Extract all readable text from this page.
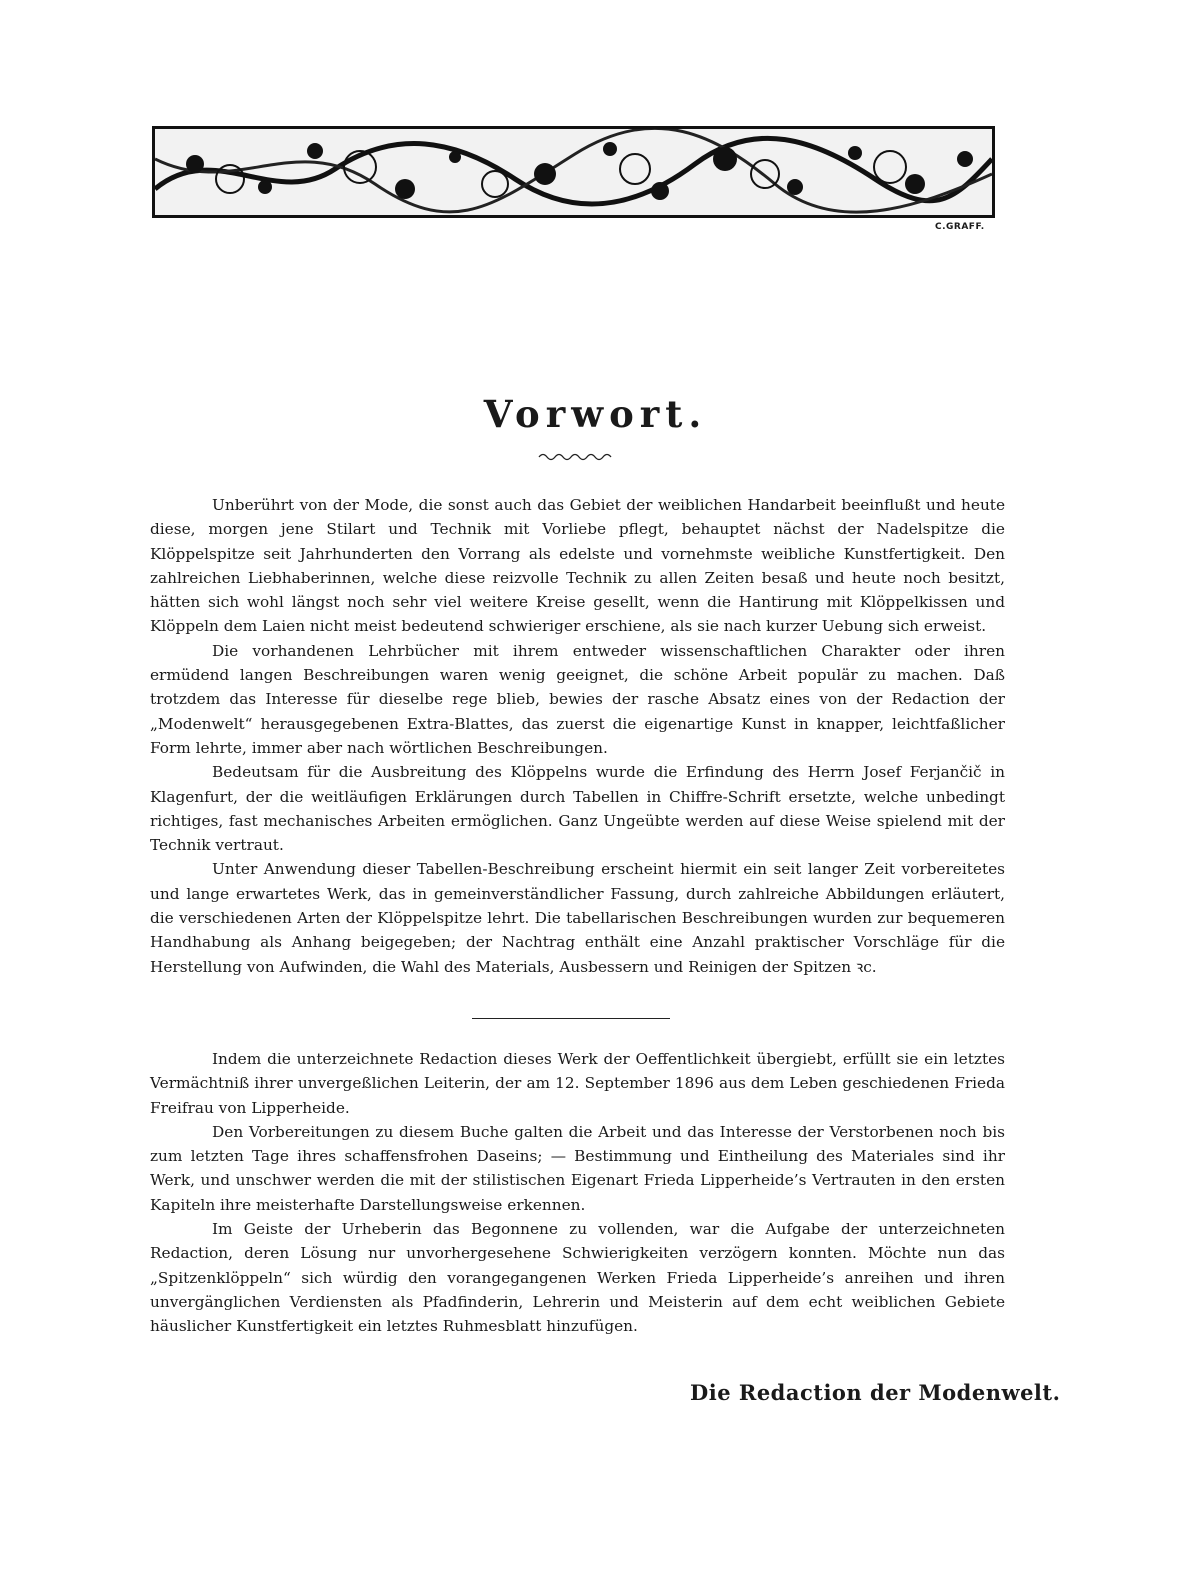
C.GRAFF.
Vorwort.

Unberührt von der Mode, die sonst auch das Gebiet der weiblichen Handarbeit beeinflußt und heute diese, morgen jene Stilart und Technik mit Vorliebe pflegt, behauptet nächst der Nadelspitze die Klöppelspitze seit Jahrhunderten den Vorrang als edelste und vornehmste weibliche Kunstfertigkeit. Den zahlreichen Liebhaberinnen, welche diese reizvolle Technik zu allen Zeiten besaß und heute noch besitzt, hätten sich wohl längst noch sehr viel weitere Kreise gesellt, wenn die Hantirung mit Klöppelkissen und Klöppeln dem Laien nicht meist bedeutend schwieriger erschiene, als sie nach kurzer Uebung sich erweist.

Die vorhandenen Lehrbücher mit ihrem entweder wissenschaftlichen Charakter oder ihren ermüdend langen Beschreibungen waren wenig geeignet, die schöne Arbeit populär zu machen. Daß trotzdem das Interesse für dieselbe rege blieb, bewies der rasche Absatz eines von der Redaction der „Modenwelt“ herausgegebenen Extra-Blattes, das zuerst die eigenartige Kunst in knapper, leichtfaßlicher Form lehrte, immer aber nach wörtlichen Beschreibungen.

Bedeutsam für die Ausbreitung des Klöppelns wurde die Erfindung des Herrn Josef Ferjančič in Klagenfurt, der die weitläufigen Erklärungen durch Tabellen in Chiffre-Schrift ersetzte, welche unbedingt richtiges, fast mechanisches Arbeiten ermöglichen. Ganz Ungeübte werden auf diese Weise spielend mit der Technik vertraut.

Unter Anwendung dieser Tabellen-Beschreibung erscheint hiermit ein seit langer Zeit vorbereitetes und lange erwartetes Werk, das in gemeinverständlicher Fassung, durch zahlreiche Abbildungen erläutert, die verschiedenen Arten der Klöppelspitze lehrt. Die tabellarischen Beschreibungen wurden zur bequemeren Handhabung als Anhang beigegeben; der Nachtrag enthält eine Anzahl praktischer Vorschläge für die Herstellung von Aufwinden, die Wahl des Materials, Ausbessern und Reinigen der Spitzen ꝛc.

Indem die unterzeichnete Redaction dieses Werk der Oeffentlichkeit übergiebt, erfüllt sie ein letztes Vermächtniß ihrer unvergeßlichen Leiterin, der am 12. September 1896 aus dem Leben geschiedenen Frieda Freifrau von Lipperheide.

Den Vorbereitungen zu diesem Buche galten die Arbeit und das Interesse der Verstorbenen noch bis zum letzten Tage ihres schaffensfrohen Daseins; — Bestimmung und Eintheilung des Materiales sind ihr Werk, und unschwer werden die mit der stilistischen Eigenart Frieda Lipperheide’s Vertrauten in den ersten Kapiteln ihre meisterhafte Darstellungsweise erkennen.

Im Geiste der Urheberin das Begonnene zu vollenden, war die Aufgabe der unterzeichneten Redaction, deren Lösung nur unvorhergesehene Schwierigkeiten verzögern konnten. Möchte nun das „Spitzenklöppeln“ sich würdig den vorangegangenen Werken Frieda Lipperheide’s anreihen und ihren unvergänglichen Verdiensten als Pfadfinderin, Lehrerin und Meisterin auf dem echt weiblichen Gebiete häuslicher Kunstfertigkeit ein letztes Ruhmesblatt hinzufügen.

Die Redaction der Modenwelt.
